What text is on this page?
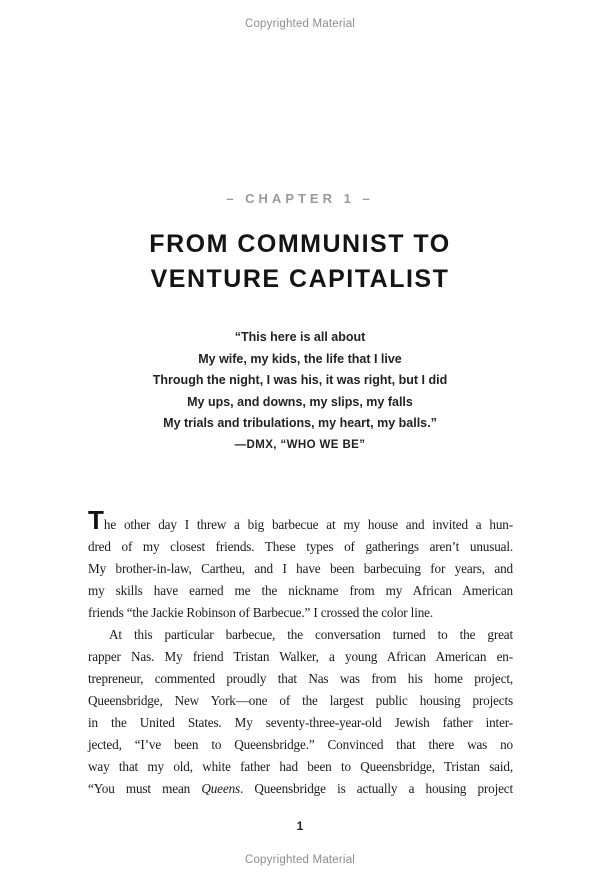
Copyrighted Material
– CHAPTER 1 –
FROM COMMUNIST TO
VENTURE CAPITALIST
“This here is all about
My wife, my kids, the life that I live
Through the night, I was his, it was right, but I did
My ups, and downs, my slips, my falls
My trials and tribulations, my heart, my balls.”
—DMX, “WHO WE BE”
The other day I threw a big barbecue at my house and invited a hun-
dred of my closest friends. These types of gatherings aren’t unusual.
My brother-in-law, Cartheu, and I have been barbecuing for years, and
my skills have earned me the nickname from my African American
friends “the Jackie Robinson of Barbecue.” I crossed the color line.
At this particular barbecue, the conversation turned to the great
rapper Nas. My friend Tristan Walker, a young African American en-
trepreneur, commented proudly that Nas was from his home project,
Queensbridge, New York—one of the largest public housing projects
in the United States. My seventy-three-year-old Jewish father inter-
jected, “I’ve been to Queensbridge.” Convinced that there was no
way that my old, white father had been to Queensbridge, Tristan said,
“You must mean Queens. Queensbridge is actually a housing project
1
Copyrighted Material
